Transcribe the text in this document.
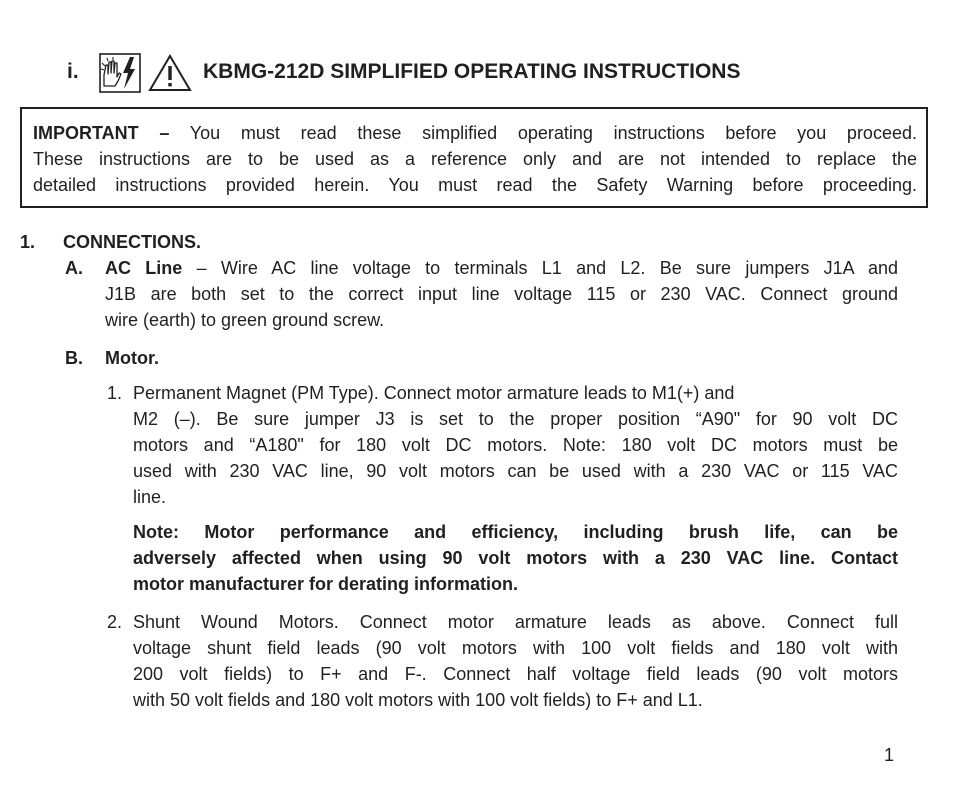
i.	KBMG-212D SIMPLIFIED OPERATING INSTRUCTIONS
IMPORTANT – You must read these simplified operating instructions before you proceed.
These instructions are to be used as a reference only and are not intended to replace the
detailed instructions provided herein. You must read the Safety Warning before proceeding.
1. CONNECTIONS.
A. AC Line – Wire AC line voltage to terminals L1 and L2. Be sure jumpers J1A and
J1B are both set to the correct input line voltage 115 or 230 VAC. Connect ground
wire (earth) to green ground screw.
B. Motor.
1. Permanent Magnet (PM Type). Connect motor armature leads to M1(+) and
M2 (–). Be sure jumper J3 is set to the proper position “A90" for 90 volt DC
motors and “A180" for 180 volt DC motors. Note: 180 volt DC motors must be
used with 230 VAC line, 90 volt motors can be used with a 230 VAC or 115 VAC
line.
Note: Motor performance and efficiency, including brush life, can be
adversely affected when using 90 volt motors with a 230 VAC line. Contact
motor manufacturer for derating information.
2. Shunt Wound Motors. Connect motor armature leads as above. Connect full
voltage shunt field leads (90 volt motors with 100 volt fields and 180 volt with
200 volt fields) to F+ and F-. Connect half voltage field leads (90 volt motors
with 50 volt fields and 180 volt motors with 100 volt fields) to F+ and L1.
1
